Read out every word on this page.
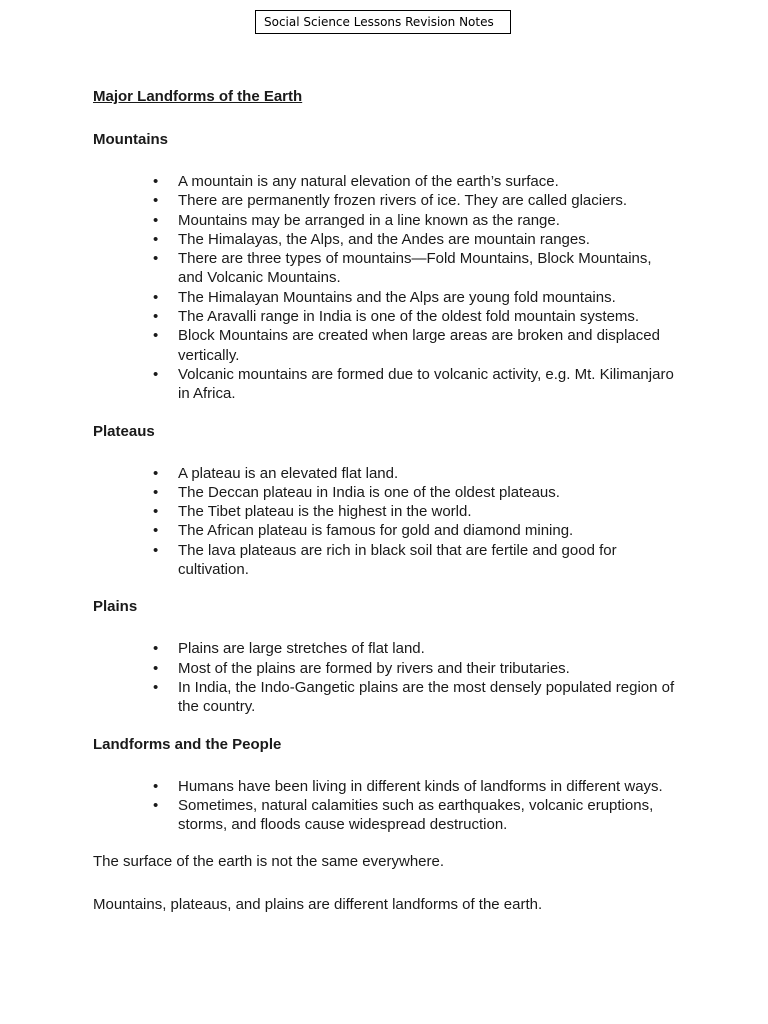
Social Science Lessons Revision Notes
Major Landforms of the Earth
Mountains
• A mountain is any natural elevation of the earth’s surface.
• There are permanently frozen rivers of ice. They are called glaciers.
• Mountains may be arranged in a line known as the range.
• The Himalayas, the Alps, and the Andes are mountain ranges.
• There are three types of mountains—Fold Mountains, Block Mountains, and Volcanic Mountains.
• The Himalayan Mountains and the Alps are young fold mountains.
• The Aravalli range in India is one of the oldest fold mountain systems.
• Block Mountains are created when large areas are broken and displaced vertically.
• Volcanic mountains are formed due to volcanic activity, e.g. Mt. Kilimanjaro in Africa.
Plateaus
• A plateau is an elevated flat land.
• The Deccan plateau in India is one of the oldest plateaus.
• The Tibet plateau is the highest in the world.
• The African plateau is famous for gold and diamond mining.
• The lava plateaus are rich in black soil that are fertile and good for cultivation.
Plains
• Plains are large stretches of flat land.
• Most of the plains are formed by rivers and their tributaries.
• In India, the Indo-Gangetic plains are the most densely populated region of the country.
Landforms and the People
• Humans have been living in different kinds of landforms in different ways.
• Sometimes, natural calamities such as earthquakes, volcanic eruptions, storms, and floods cause widespread destruction.
The surface of the earth is not the same everywhere.
Mountains, plateaus, and plains are different landforms of the earth.
